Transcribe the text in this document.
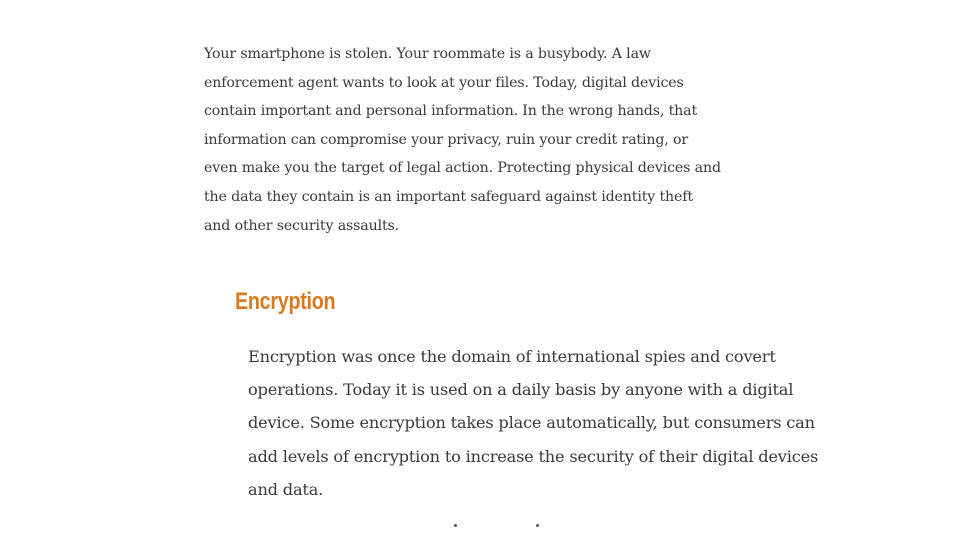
Your smartphone is stolen. Your roommate is a busybody. A law
enforcement agent wants to look at your files. Today, digital devices
contain important and personal information. In the wrong hands, that
information can compromise your privacy, ruin your credit rating, or
even make you the target of legal action. Protecting physical devices and
the data they contain is an important safeguard against identity theft
and other security assaults.

Encryption

Encryption was once the domain of international spies and covert
operations. Today it is used on a daily basis by anyone with a digital
device. Some encryption takes place automatically, but consumers can
add levels of encryption to increase the security of their digital devices
and data.
